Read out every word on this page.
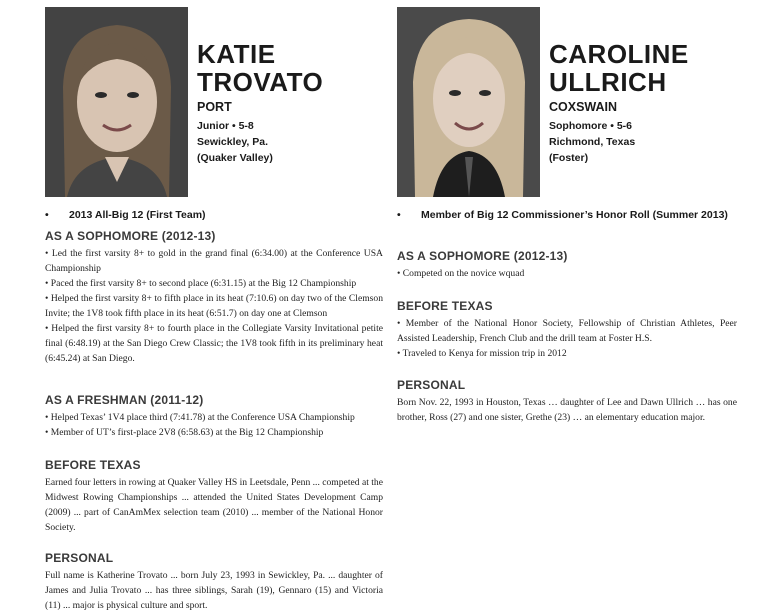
KATIE
TROVATO
PORT
Junior • 5-8
Sewickley, Pa.
(Quaker Valley)
• 2013 All-Big 12 (First Team)
AS A SOPHOMORE (2012-13)

• Led the first varsity 8+ to gold in the grand final (6:34.00) at the Conference USA Championship

• Paced the first varsity 8+ to second place (6:31.15) at the Big 12 Championship

• Helped the first varsity 8+ to fifth place in its heat (7:10.6) on day two of the Clemson Invite; the 1V8 took fifth place in its heat (6:51.7) on day one at Clemson

• Helped the first varsity 8+ to fourth place in the Collegiate Varsity Invitational petite final (6:48.19) at the San Diego Crew Classic; the 1V8 took fifth in its preliminary heat (6:45.24) at San Diego.

AS A FRESHMAN (2011-12)

• Helped Texas’ 1V4 place third (7:41.78) at the Conference USA Championship

• Member of UT’s first-place 2V8 (6:58.63) at the Big 12 Championship

BEFORE TEXAS

Earned four letters in rowing at Quaker Valley HS in Leetsdale, Penn ... competed at the Midwest Rowing Championships ... attended the United States Development Camp (2009) ... part of CanAmMex selection team (2010) ... member of the National Honor Society.

PERSONAL

Full name is Katherine Trovato ... born July 23, 1993 in Sewickley, Pa. ... daughter of James and Julia Trovato ... has three siblings, Sarah (19), Gennaro (15) and Victoria (11) ... major is physical culture and sport.

CAROLINE
ULLRICH
COXSWAIN
Sophomore • 5-6
Richmond, Texas
(Foster)
• Member of Big 12 Commissioner’s Honor Roll (Summer 2013)
AS A SOPHOMORE (2012-13)

• Competed on the novice wquad

BEFORE TEXAS

• Member of the National Honor Society, Fellowship of Christian Athletes, Peer Assisted Leadership, French Club and the drill team at Foster H.S.

• Traveled to Kenya for mission trip in 2012

PERSONAL

Born Nov. 22, 1993 in Houston, Texas … daughter of Lee and Dawn Ullrich … has one brother, Ross (27) and one sister, Grethe (23) … an elementary education major.
